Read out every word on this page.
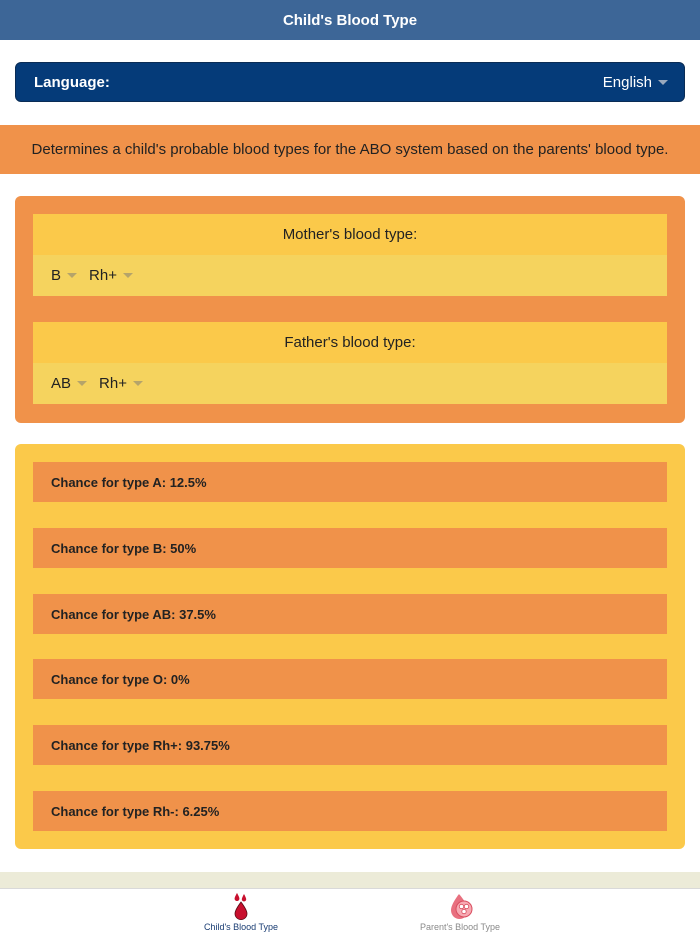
Child's Blood Type
Language:	English
Determines a child's probable blood types for the ABO system based on the parents' blood type.
Mother's blood type:
B Rh+
Father's blood type:
AB Rh+
Chance for type A: 12.5%
Chance for type B: 50%
Chance for type AB: 37.5%
Chance for type O: 0%
Chance for type Rh+: 93.75%
Chance for type Rh-: 6.25%
Child's Blood Type	Parent's Blood Type
